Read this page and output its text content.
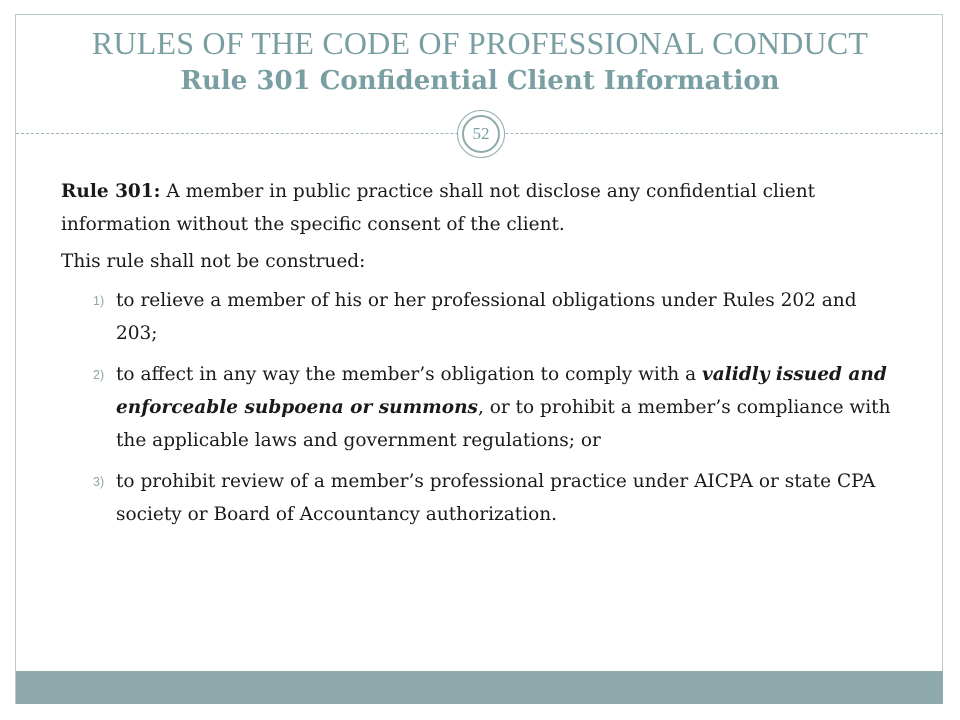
RULES OF THE CODE OF PROFESSIONAL CONDUCT
Rule 301 Confidential Client Information
52

Rule 301: A member in public practice shall not disclose any confidential client information without the specific consent of the client.

This rule shall not be construed:

1) to relieve a member of his or her professional obligations under Rules 202 and 203;
2) to affect in any way the member’s obligation to comply with a validly issued and enforceable subpoena or summons, or to prohibit a member’s compliance with the applicable laws and government regulations; or
3) to prohibit review of a member’s professional practice under AICPA or state CPA society or Board of Accountancy authorization.
